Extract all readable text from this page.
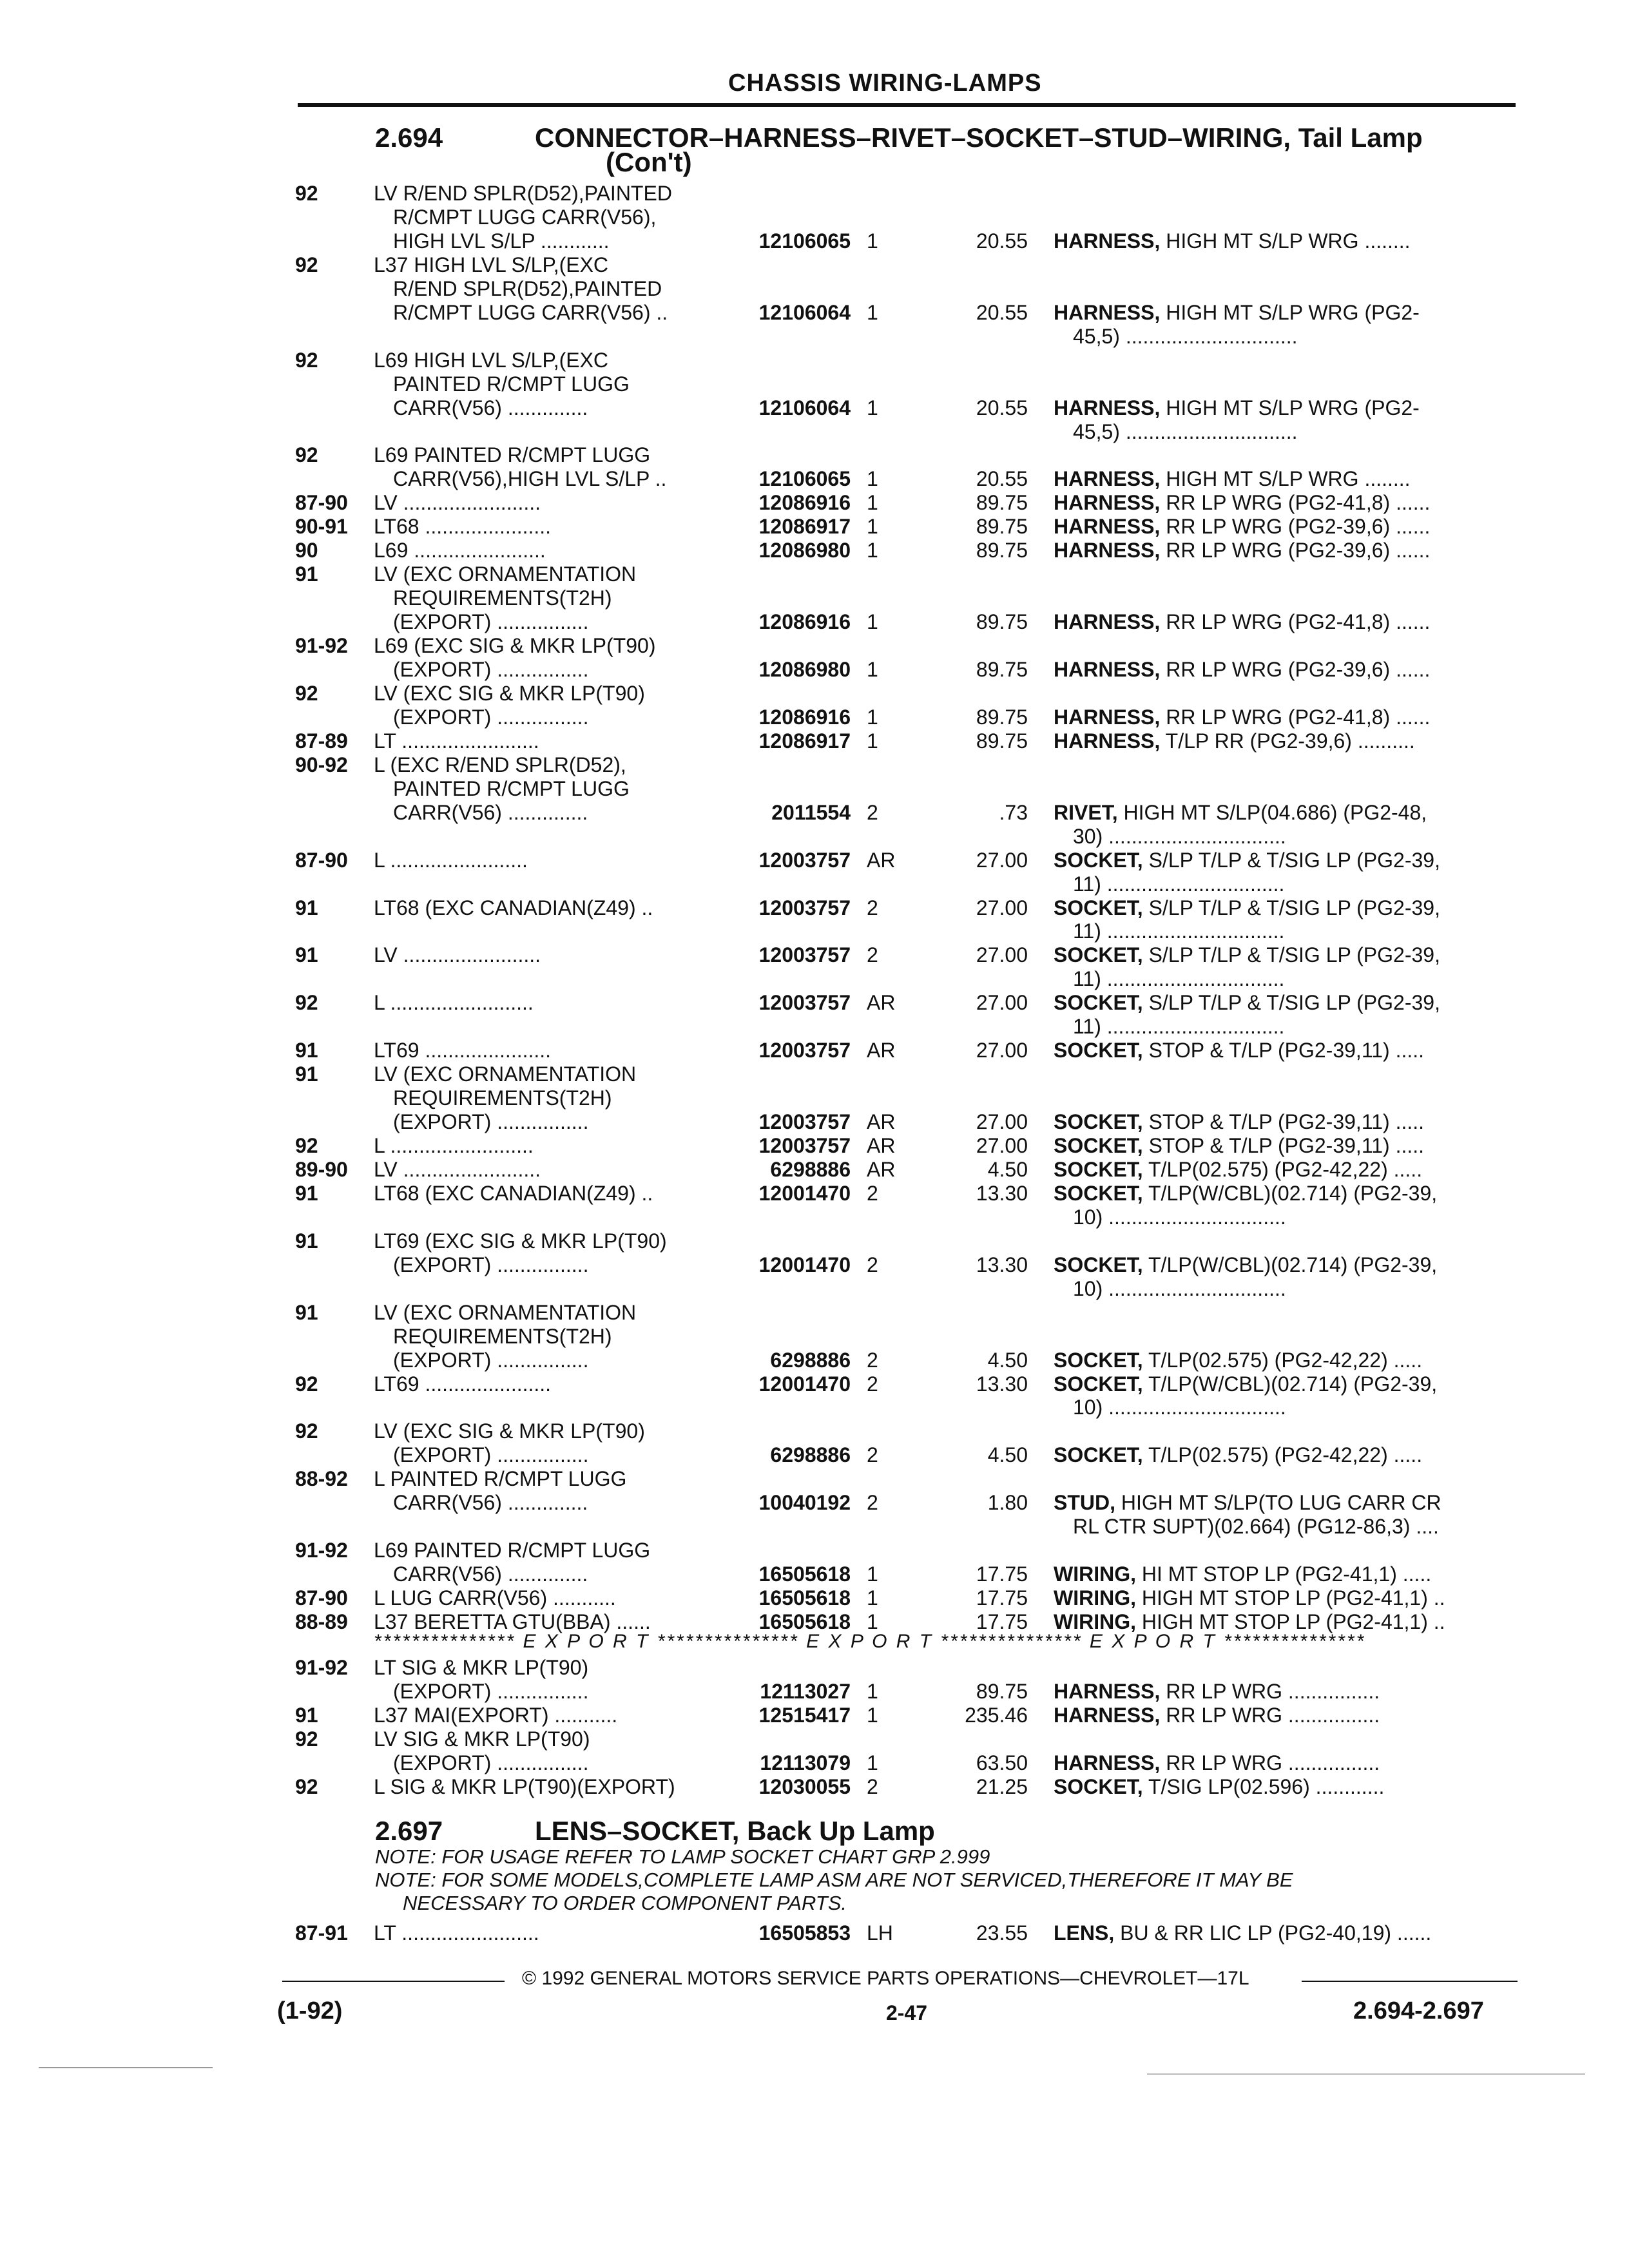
CHASSIS WIRING-LAMPS
2.694	CONNECTOR–HARNESS–RIVET–SOCKET–STUD–WIRING, Tail Lamp
(Con't)
92	LV R/END SPLR(D52),PAINTED
R/CMPT LUGG CARR(V56),
HIGH LVL S/LP ............	12106065 1	20.55 HARNESS, HIGH MT S/LP WRG ........
92	L37 HIGH LVL S/LP,(EXC
R/END SPLR(D52),PAINTED
R/CMPT LUGG CARR(V56) ..	12106064 1	20.55 HARNESS, HIGH MT S/LP WRG (PG2-
45,5) ..............................
92	L69 HIGH LVL S/LP,(EXC
PAINTED R/CMPT LUGG
CARR(V56) ..............	12106064 1	20.55 HARNESS, HIGH MT S/LP WRG (PG2-
45,5) ..............................
92	L69 PAINTED R/CMPT LUGG
CARR(V56),HIGH LVL S/LP ..	12106065 1	20.55 HARNESS, HIGH MT S/LP WRG ........
87-90 LV ........................	12086916 1	89.75 HARNESS, RR LP WRG (PG2-41,8) ......
90-91 LT68 ......................	12086917 1	89.75 HARNESS, RR LP WRG (PG2-39,6) ......
90	L69 .......................	12086980 1	89.75 HARNESS, RR LP WRG (PG2-39,6) ......
91	LV (EXC ORNAMENTATION
REQUIREMENTS(T2H)
(EXPORT) ................	12086916 1	89.75 HARNESS, RR LP WRG (PG2-41,8) ......
91-92 L69 (EXC SIG & MKR LP(T90)
(EXPORT) ................	12086980 1	89.75 HARNESS, RR LP WRG (PG2-39,6) ......
92	LV (EXC SIG & MKR LP(T90)
(EXPORT) ................	12086916 1	89.75 HARNESS, RR LP WRG (PG2-41,8) ......
87-89 LT ........................	12086917 1	89.75 HARNESS, T/LP RR (PG2-39,6) ..........
90-92 L (EXC R/END SPLR(D52),
PAINTED R/CMPT LUGG
CARR(V56) ..............	2011554 2	.73 RIVET, HIGH MT S/LP(04.686) (PG2-48,
30) ...............................
87-90 L ........................	12003757 AR	27.00 SOCKET, S/LP T/LP & T/SIG LP (PG2-39,
11) ...............................
91	LT68 (EXC CANADIAN(Z49) ..	12003757 2	27.00 SOCKET, S/LP T/LP & T/SIG LP (PG2-39,
11) ...............................
91	LV ........................	12003757 2	27.00 SOCKET, S/LP T/LP & T/SIG LP (PG2-39,
11) ...............................
92	L .........................	12003757 AR	27.00 SOCKET, S/LP T/LP & T/SIG LP (PG2-39,
11) ...............................
91	LT69 ......................	12003757 AR	27.00 SOCKET, STOP & T/LP (PG2-39,11) .....
91	LV (EXC ORNAMENTATION
REQUIREMENTS(T2H)
(EXPORT) ................	12003757 AR	27.00 SOCKET, STOP & T/LP (PG2-39,11) .....
92	L .........................	12003757 AR	27.00 SOCKET, STOP & T/LP (PG2-39,11) .....
89-90 LV ........................	6298886 AR	4.50 SOCKET, T/LP(02.575) (PG2-42,22) .....
91	LT68 (EXC CANADIAN(Z49) ..	12001470 2	13.30 SOCKET, T/LP(W/CBL)(02.714) (PG2-39,
10) ...............................
91	LT69 (EXC SIG & MKR LP(T90)
(EXPORT) ................	12001470 2	13.30 SOCKET, T/LP(W/CBL)(02.714) (PG2-39,
10) ...............................
91	LV (EXC ORNAMENTATION
REQUIREMENTS(T2H)
(EXPORT) ................	6298886 2	4.50 SOCKET, T/LP(02.575) (PG2-42,22) .....
92	LT69 ......................	12001470 2	13.30 SOCKET, T/LP(W/CBL)(02.714) (PG2-39,
10) ...............................
92	LV (EXC SIG & MKR LP(T90)
(EXPORT) ................	6298886 2	4.50 SOCKET, T/LP(02.575) (PG2-42,22) .....
88-92 L PAINTED R/CMPT LUGG
CARR(V56) ..............	10040192 2	1.80 STUD, HIGH MT S/LP(TO LUG CARR CR
RL CTR SUPT)(02.664) (PG12-86,3) ....
91-92 L69 PAINTED R/CMPT LUGG
CARR(V56) ..............	16505618 1	17.75 WIRING, HI MT STOP LP (PG2-41,1) .....
87-90 L LUG CARR(V56) ...........	16505618 1	17.75 WIRING, HIGH MT STOP LP (PG2-41,1) ..
88-89 L37 BERETTA GTU(BBA) ......	16505618 1	17.75 WIRING, HIGH MT STOP LP (PG2-41,1) ..
*************** E X P O R T *************** E X P O R T *************** E X P O R T ***************
91-92 LT SIG & MKR LP(T90)
(EXPORT) ................	12113027 1	89.75 HARNESS, RR LP WRG ................
91	L37 MAI(EXPORT) ...........	12515417 1	235.46 HARNESS, RR LP WRG ................
92	LV SIG & MKR LP(T90)
(EXPORT) ................	12113079 1	63.50 HARNESS, RR LP WRG ................
92	L SIG & MKR LP(T90)(EXPORT)	12030055 2	21.25 SOCKET, T/SIG LP(02.596) ............
2.697	LENS–SOCKET, Back Up Lamp
NOTE: FOR USAGE REFER TO LAMP SOCKET CHART GRP 2.999
NOTE: FOR SOME MODELS,COMPLETE LAMP ASM ARE NOT SERVICED,THEREFORE IT MAY BE
NECESSARY TO ORDER COMPONENT PARTS.
87-91 LT ........................	16505853 LH	23.55 LENS, BU & RR LIC LP (PG2-40,19) ......
© 1992 GENERAL MOTORS SERVICE PARTS OPERATIONS—CHEVROLET—17L
(1-92)	2-47	2.694-2.697
